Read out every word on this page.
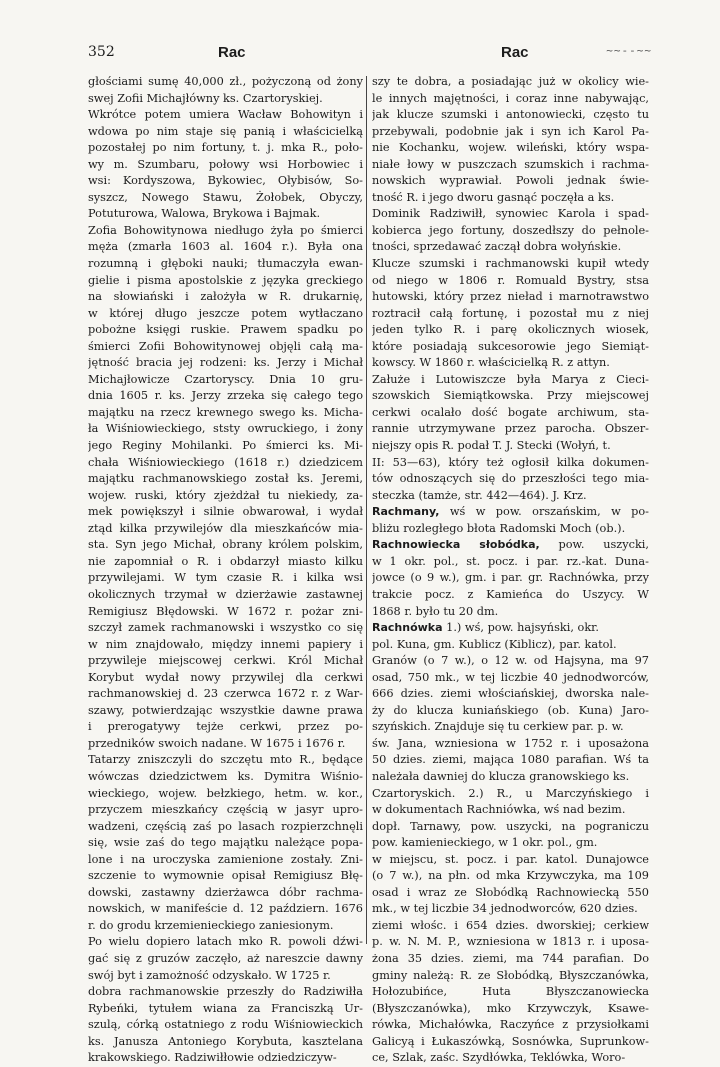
352	Rac	Rac	~~--~~
głościami sumę 40,000 zł., pożyczoną od żony
swej Zofii Michajłówny ks. Czartoryskiej.
Wkrótce potem umiera Wacław Bohowityn i
wdowa po nim staje się panią i właścicielką
pozostałej po nim fortuny, t. j. mka R., poło-
wy m. Szumbaru, połowy wsi Horbowiec i
wsi: Kordyszowa, Bykowiec, Ołybisów, So-
syszcz, Nowego Stawu, Żołobek, Obyczy,
Potuturowa, Walowa, Brykowa i Bajmak.
Zofia Bohowitynowa niedługo żyła po śmierci
męża (zmarła 1603 al. 1604 r.). Była ona
rozumną i głęboki nauki; tłumaczyła ewan-
gielie i pisma apostolskie z języka greckiego
na słowiański i założyła w R. drukarnię,
w której długo jeszcze potem wytłaczano
pobożne księgi ruskie. Prawem spadku po
śmierci Zofii Bohowitynowej objęli całą ma-
jętność bracia jej rodzeni: ks. Jerzy i Michał
Michajłowicze Czartoryscy. Dnia 10 gru-
dnia 1605 r. ks. Jerzy zrzeka się całego tego
majątku na rzecz krewnego swego ks. Micha-
ła Wiśniowieckiego, ststy owruckiego, i żony
jego Reginy Mohilanki. Po śmierci ks. Mi-
chała Wiśniowieckiego (1618 r.) dziedzicem
majątku rachmanowskiego został ks. Jeremi,
wojew. ruski, który zjeżdżał tu niekiedy, za-
mek powiększył i silnie obwarował, i wydał
ztąd kilka przywilejów dla mieszkańców mia-
sta. Syn jego Michał, obrany królem polskim,
nie zapomniał o R. i obdarzył miasto kilku
przywilejami. W tym czasie R. i kilka wsi
okolicznych trzymał w dzierżawie zastawnej
Remigiusz Błędowski. W 1672 r. pożar zni-
szczył zamek rachmanowski i wszystko co się
w nim znajdowało, między innemi papiery i
przywileje miejscowej cerkwi. Król Michał
Korybut wydał nowy przywilej dla cerkwi
rachmanowskiej d. 23 czerwca 1672 r. z War-
szawy, potwierdzając wszystkie dawne prawa
i prerogatywy tejże cerkwi, przez po-
przedników swoich nadane. W 1675 i 1676 r.
Tatarzy zniszczyli do szczętu mto R., będące
wówczas dziedzictwem ks. Dymitra Wiśnio-
wieckiego, wojew. bełzkiego, hetm. w. kor.,
przyczem mieszkańcy częścią w jasyr upro-
wadzeni, częścią zaś po lasach rozpierzchnęli
się, wsie zaś do tego majątku należące popa-
lone i na uroczyska zamienione zostały. Zni-
szczenie to wymownie opisał Remigiusz Błę-
dowski, zastawny dzierżawca dóbr rachma-
nowskich, w manifeście d. 12 październ. 1676
r. do grodu krzemienieckiego zaniesionym.
Po wielu dopiero latach mko R. powoli dźwi-
gać się z gruzów zaczęło, aż nareszcie dawny
swój byt i zamożność odzyskało. W 1725 r.
dobra rachmanowskie przeszły do Radziwiłła
Rybeńki, tytułem wiana za Franciszką Ur-
szulą, córką ostatniego z rodu Wiśniowieckich
ks. Janusza Antoniego Korybuta, kasztelana
krakowskiego. Radziwiłłowie odziedziczyw-
szy te dobra, a posiadając już w okolicy wie-
le innych majętności, i coraz inne nabywając,
jak klucze szumski i antonowiecki, często tu
przebywali, podobnie jak i syn ich Karol Pa-
nie Kochanku, wojew. wileński, który wspa-
niałe łowy w puszczach szumskich i rachma-
nowskich wyprawiał. Powoli jednak świe-
tność R. i jego dworu gasnąć poczęła a ks.
Dominik Radziwiłł, synowiec Karola i spad-
kobierca jego fortuny, doszedłszy do pełnole-
tności, sprzedawać zaczął dobra wołyńskie.
Klucze szumski i rachmanowski kupił wtedy
od niego w 1806 r. Romuald Bystry, stsa
hutowski, który przez nieład i marnotrawstwo
roztracił całą fortunę, i pozostał mu z niej
jeden tylko R. i parę okolicznych wiosek,
które posiadają sukcesorowie jego Siemiąt-
kowscy. W 1860 r. właścicielką R. z attyn.
Załuże i Lutowiszcze była Marya z Cieci-
szowskich Siemiątkowska. Przy miejscowej
cerkwi ocalało dość bogate archiwum, sta-
rannie utrzymywane przez parocha. Obszer-
niejszy opis R. podał T. J. Stecki (Wołyń, t.
II: 53—63), który też ogłosił kilka dokumen-
tów odnoszących się do przeszłości tego mia-
steczka (tamże, str. 442—464). J. Krz.
Rachmany, wś w pow. orszańskim, w po-
bliżu rozległego błota Radomski Moch (ob.).
Rachnowiecka słobódka, pow. uszycki,
w 1 okr. pol., st. pocz. i par. rz.-kat. Duna-
jowce (o 9 w.), gm. i par. gr. Rachnówka, przy
trakcie pocz. z Kamieńca do Uszycy. W
1868 r. było tu 20 dm.
Rachnówka 1.) wś, pow. hajsyński, okr.
pol. Kuna, gm. Kublicz (Kiblicz), par. katol.
Granów (o 7 w.), o 12 w. od Hajsyna, ma 97
osad, 750 mk., w tej liczbie 40 jednodworców,
666 dzies. ziemi włościańskiej, dworska nale-
ży do klucza kuniańskiego (ob. Kuna) Jaro-
szyńskich. Znajduje się tu cerkiew par. p. w.
św. Jana, wzniesiona w 1752 r. i uposażona
50 dzies. ziemi, mająca 1080 parafian. Wś ta
należała dawniej do klucza granowskiego ks.
Czartoryskich. 2.) R., u Marczyńskiego i
w dokumentach Rachniówka, wś nad bezim.
dopł. Tarnawy, pow. uszycki, na pograniczu
pow. kamienieckiego, w 1 okr. pol., gm.
w miejscu, st. pocz. i par. katol. Dunajowce
(o 7 w.), na płn. od mka Krzywczyka, ma 109
osad i wraz ze Słobódką Rachnowiecką 550
mk., w tej liczbie 34 jednodworców, 620 dzies.
ziemi włośc. i 654 dzies. dworskiej; cerkiew
p. w. N. M. P., wzniesiona w 1813 r. i uposa-
żona 35 dzies. ziemi, ma 744 parafian. Do
gminy należą: R. ze Słobódką, Błyszczanówka,
Hołozubińce, Huta Błyszczanowiecka
(Błyszczanówka), mko Krzywczyk, Ksawe-
rówka, Michałówka, Raczyńce z przysiołkami
Galicyą i Łukaszówką, Sosnówka, Suprunkow-
ce, Szlak, zaśc. Szydłówka, Teklówka, Woro-
